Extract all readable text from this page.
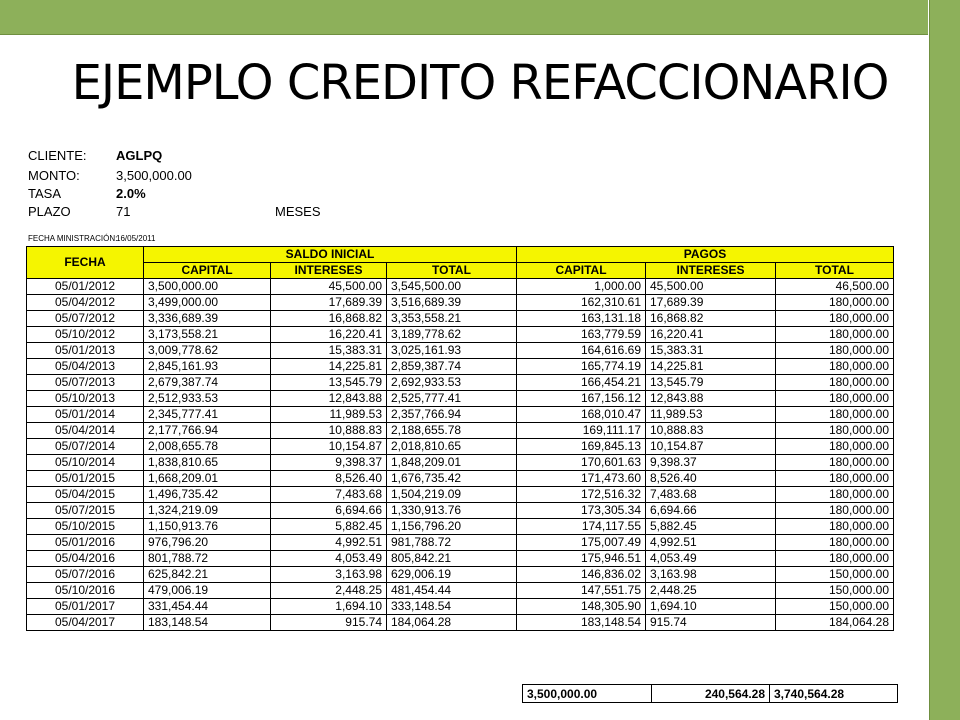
EJEMPLO CREDITO REFACCIONARIO
CLIENTE: AGLPQ
MONTO:	3,500,000.00
TASA	2.0%
PLAZO	71	MESES
FECHA MINISTRACIÓN:
16/05/2011
FECHA	SALDO INICIAL			PAGOS		
	CAPITAL	INTERESES	TOTAL	CAPITAL	INTERESES	TOTAL
05/01/2012	3,500,000.00	45,500.00	3,545,500.00	1,000.00	45,500.00	46,500.00
05/04/2012	3,499,000.00	17,689.39	3,516,689.39	162,310.61	17,689.39	180,000.00
05/07/2012	3,336,689.39	16,868.82	3,353,558.21	163,131.18	16,868.82	180,000.00
05/10/2012	3,173,558.21	16,220.41	3,189,778.62	163,779.59	16,220.41	180,000.00
05/01/2013	3,009,778.62	15,383.31	3,025,161.93	164,616.69	15,383.31	180,000.00
05/04/2013	2,845,161.93	14,225.81	2,859,387.74	165,774.19	14,225.81	180,000.00
05/07/2013	2,679,387.74	13,545.79	2,692,933.53	166,454.21	13,545.79	180,000.00
05/10/2013	2,512,933.53	12,843.88	2,525,777.41	167,156.12	12,843.88	180,000.00
05/01/2014	2,345,777.41	11,989.53	2,357,766.94	168,010.47	11,989.53	180,000.00
05/04/2014	2,177,766.94	10,888.83	2,188,655.78	169,111.17	10,888.83	180,000.00
05/07/2014	2,008,655.78	10,154.87	2,018,810.65	169,845.13	10,154.87	180,000.00
05/10/2014	1,838,810.65	9,398.37	1,848,209.01	170,601.63	9,398.37	180,000.00
05/01/2015	1,668,209.01	8,526.40	1,676,735.42	171,473.60	8,526.40	180,000.00
05/04/2015	1,496,735.42	7,483.68	1,504,219.09	172,516.32	7,483.68	180,000.00
05/07/2015	1,324,219.09	6,694.66	1,330,913.76	173,305.34	6,694.66	180,000.00
05/10/2015	1,150,913.76	5,882.45	1,156,796.20	174,117.55	5,882.45	180,000.00
05/01/2016	976,796.20	4,992.51	981,788.72	175,007.49	4,992.51	180,000.00
05/04/2016	801,788.72	4,053.49	805,842.21	175,946.51	4,053.49	180,000.00
05/07/2016	625,842.21	3,163.98	629,006.19	146,836.02	3,163.98	150,000.00
05/10/2016	479,006.19	2,448.25	481,454.44	147,551.75	2,448.25	150,000.00
05/01/2017	331,454.44	1,694.10	333,148.54	148,305.90	1,694.10	150,000.00
05/04/2017	183,148.54	915.74	184,064.28	183,148.54	915.74	184,064.28
3,500,000.00	240,564.28	3,740,564.28
